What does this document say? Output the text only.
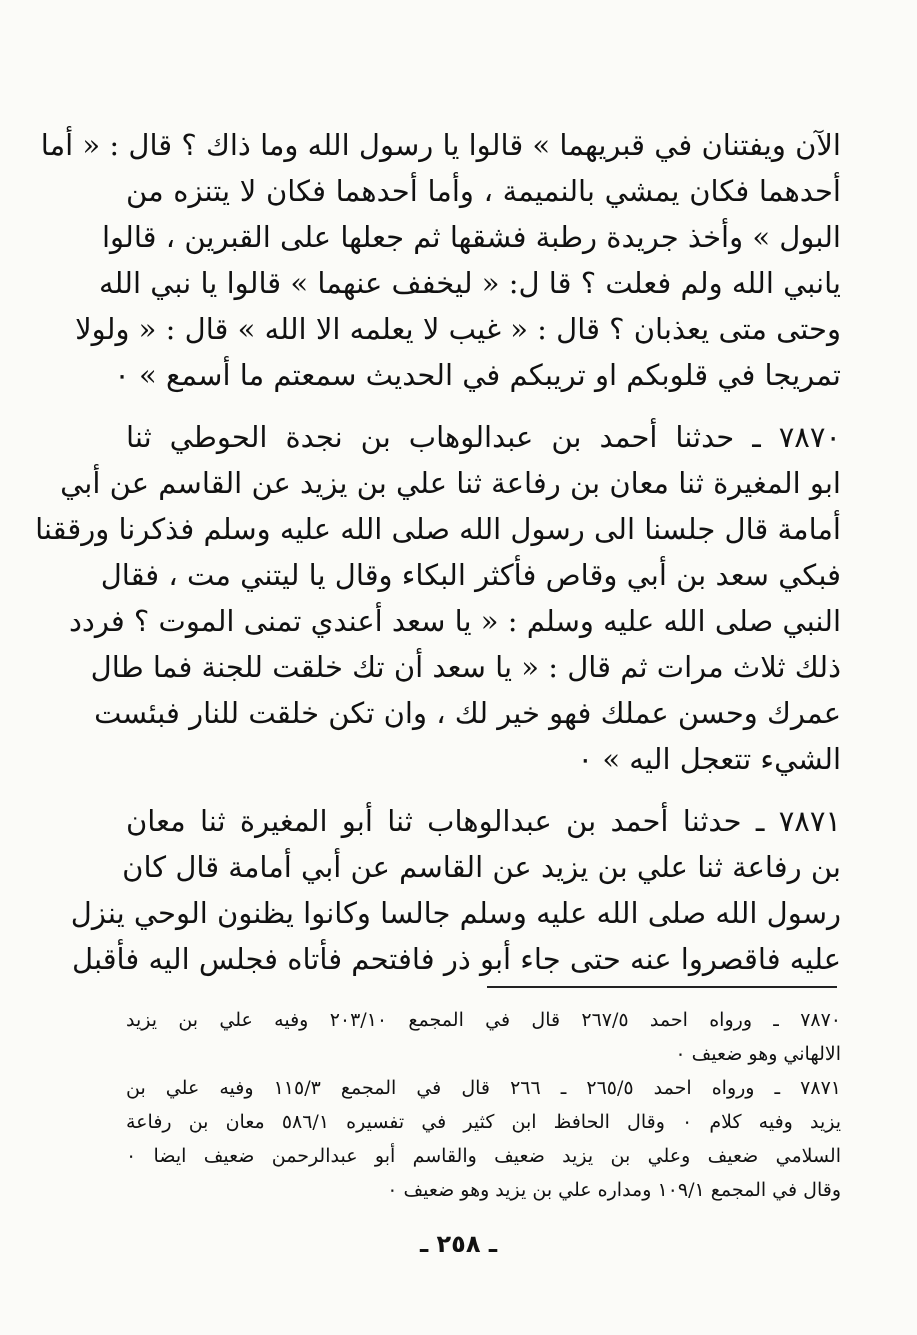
الآن ويفتنان في قبريهما » قالوا يا رسول الله وما ذاك ؟ قال : « أما
أحدهما فكان يمشي بالنميمة ، وأما أحدهما فكان لا يتنزه من
البول » وأخذ جريدة رطبة فشقها ثم جعلها على القبرين ، قالوا
يانبي الله ولم فعلت ؟ قا ل: « ليخفف عنهما » قالوا يا نبي الله
وحتى متى يعذبان ؟ قال : « غيب لا يعلمه الا الله » قال : « ولولا
تمريجا في قلوبكم او تريبكم في الحديث سمعتم ما أسمع » ٠
٧٨٧٠ ـ حدثنا أحمد بن عبدالوهاب بن نجدة الحوطي ثنا
ابو المغيرة ثنا معان بن رفاعة ثنا علي بن يزيد عن القاسم عن أبي
أمامة قال جلسنا الى رسول الله صلى الله عليه وسلم فذكرنا ورققنا
فبكي سعد بن أبي وقاص فأكثر البكاء وقال يا ليتني مت ، فقال
النبي صلى الله عليه وسلم : « يا سعد أعندي تمنى الموت ؟ فردد
ذلك ثلاث مرات ثم قال : « يا سعد أن تك خلقت للجنة فما طال
عمرك وحسن عملك فهو خير لك ، وان تكن خلقت للنار فبئست
الشيء تتعجل اليه » ٠
٧٨٧١ ـ حدثنا أحمد بن عبدالوهاب ثنا أبو المغيرة ثنا معان
بن رفاعة ثنا علي بن يزيد عن القاسم عن أبي أمامة قال كان
رسول الله صلى الله عليه وسلم جالسا وكانوا يظنون الوحي ينزل
عليه فاقصروا عنه حتى جاء أبو ذر فافتحم فأتاه فجلس اليه فأقبل
٧٨٧٠ ـ ورواه احمد ٢٦٧/٥ قال في المجمع ٢٠٣/١٠ وفيه علي بن يزيد
الالهاني وهو ضعيف ٠
٧٨٧١ ـ ورواه احمد ٢٦٥/٥ ـ ٢٦٦ قال في المجمع ١١٥/٣ وفيه علي بن
يزيد وفيه كلام ٠ وقال الحافظ ابن كثير في تفسيره ٥٨٦/١ معان بن رفاعة
السلامي ضعيف وعلي بن يزيد ضعيف والقاسم أبو عبدالرحمن ضعيف ايضا ٠
وقال في المجمع ١٠٩/١ ومداره علي بن يزيد وهو ضعيف ٠
ـ ٢٥٨ ـ
